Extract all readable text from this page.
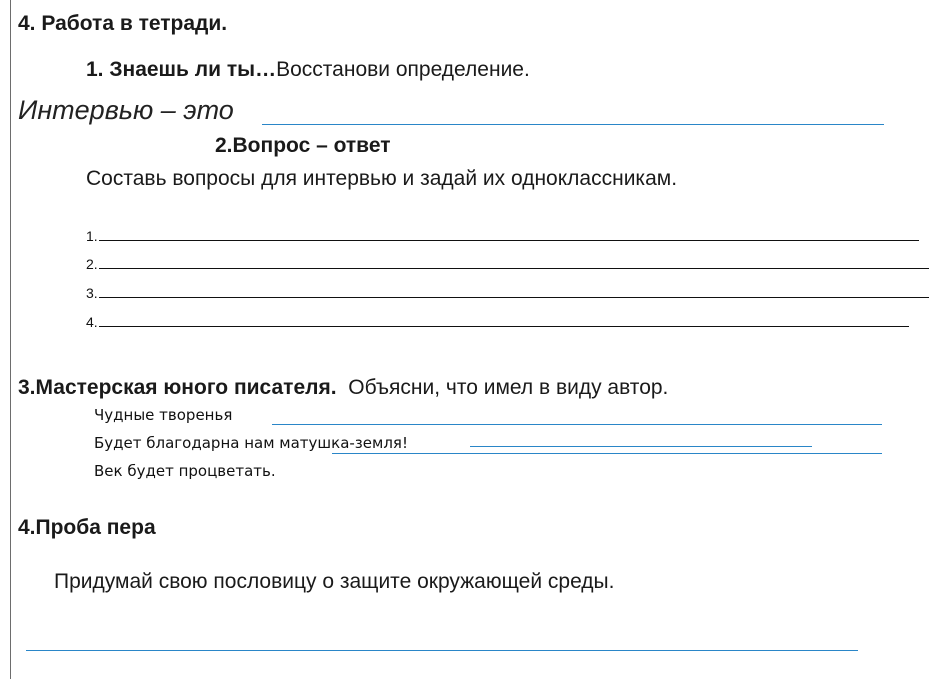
4. Работа в тетради.
1. Знаешь ли ты…Восстанови определение.
Интервью – это
2.Вопрос – ответ
Составь вопросы для интервью и задай их одноклассникам.
1.
2.
3.
4.
3.Мастерская юного писателя. Объясни, что имел в виду автор.
Чудные творенья
Будет благодарна нам матушка-земля!
Век будет процветать.
4.Проба пера
Придумай свою пословицу о защите окружающей среды.
